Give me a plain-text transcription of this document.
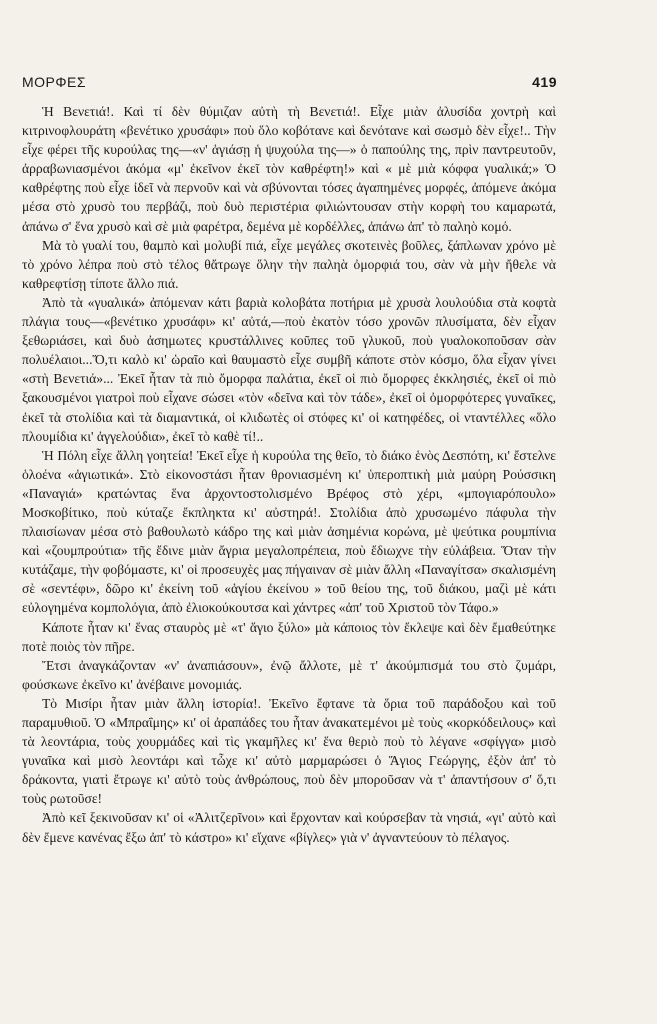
ΜΟΡΦΕΣ	419

Ἡ Βενετιά!. Καὶ τί δὲν θύμιζαν αὐτὴ τὴ Βενετιά!. Εἶχε μιὰν ἀλυσίδα χοντρὴ καὶ κιτρινοφλουράτη «βενέτικο χρυσάφι» ποὺ ὅλο κοβότανε καὶ δενότανε καὶ σωσμὸ δὲν εἶχε!.. Τὴν εἶχε φέρει τῆς κυρούλας της—«ν' ἁγιάσῃ ἡ ψυχούλα της—» ὁ παπούλης της, πρὶν παντρευτοῦν, ἀρραβωνιασμένοι ἀκόμα «μ' ἐκεῖνον ἐκεῖ τὸν καθρέφτη!» καὶ « μὲ μιὰ κόφφα γυαλικά;» Ὁ καθρέφτης ποὺ εἶχε ἰδεῖ νὰ περνοῦν καὶ νὰ σβύνονται τόσες ἀγαπημένες μορφές, ἀπόμενε ἀκόμα μέσα στὸ χρυσὸ του περβάζι, ποὺ δυὸ περιστέρια φιλιώντουσαν στὴν κορφὴ του καμαρωτά, ἀπάνω σ' ἕνα χρυσὸ καὶ σὲ μιὰ φαρέτρα, δεμένα μὲ κορδέλλες, ἀπάνω ἀπ' τὸ παληὸ κομό.

Μὰ τὸ γυαλί του, θαμπὸ καὶ μολυβί πιά, εἶχε μεγάλες σκοτεινὲς βοῦλες, ξάπλωναν χρόνο μὲ τὸ χρόνο λέπρα ποὺ στὸ τέλος θἄτρωγε ὅλην τὴν παληὰ ὀμορφιά του, σὰν νὰ μὴν ἤθελε νὰ καθρεφτίσῃ τίποτε ἄλλο πιά.

Ἀπὸ τὰ «γυαλικά» ἀπόμεναν κάτι βαριὰ κολοβάτα ποτήρια μὲ χρυσὰ λουλούδια στὰ κοφτὰ πλάγια τους—«βενέτικο χρυσάφι» κι' αὐτά,—ποὺ ἑκατὸν τόσο χρονῶν πλυσίματα, δὲν εἶχαν ξεθωριάσει, καὶ δυὸ ἀσημωτες κρυστάλλινες κοῦπες τοῦ γλυκοῦ, ποὺ γυαλοκοποῦσαν σὰν πολυέλαιοι...Ὅ,τι καλὸ κι' ὡραῖο καὶ θαυμαστὸ εἶχε συμβῆ κάποτε στὸν κόσμο, ὅλα εἶχαν γίνει «στὴ Βενετιά»... Ἐκεῖ ἦταν τὰ πιὸ ὄμορφα παλάτια, ἐκεῖ οἱ πιὸ ὄμορφες ἐκκλησιές, ἐκεῖ οἱ πιὸ ξακουσμένοι γιατροὶ ποὺ εἶχανε σώσει «τὸν «δεῖνα καὶ τὸν τάδε», ἐκεῖ οἱ ὀμορφότερες γυναῖκες, ἐκεῖ τὰ στολίδια καὶ τὰ διαμαντικά, οἱ κλιδωτὲς οἱ στόφες κι' οἱ κατηφέδες, οἱ νταντέλλες «ὅλο πλουμίδια κι' ἀγγελούδια», ἐκεῖ τὸ καθὲ τί!..

Ἡ Πόλη εἶχε ἄλλη γοητεία! Ἐκεῖ εἶχε ἡ κυρούλα της θεῖο, τὸ διάκο ἑνὸς Δεσπότη, κι' ἔστελνε ὁλοένα «ἁγιωτικά». Στὸ εἰκονοστάσι ἦταν θρονιασμένη κι' ὑπεροπτικὴ μιὰ μαύρη Ρούσσικη «Παναγιά» κρατώντας ἕνα ἀρχοντοστολισμένο Βρέφος στὸ χέρι, «μπογιαρόπουλο» Μοσκοβίτικο, ποὺ κύταζε ἔκπληκτα κι' αὐστηρά!. Στολίδια ἀπὸ χρυσωμένο πάφυλα τὴν πλαισίωναν μέσα στὸ βαθουλωτὸ κάδρο της καὶ μιὰν ἀσημένια κορώνα, μὲ ψεύτικα ρουμπίνια καὶ «ζουμπρούτια» τῆς ἔδινε μιὰν ἄγρια μεγαλοπρέπεια, ποὺ ἔδιωχνε τὴν εὐλάβεια. Ὅταν τὴν κυτάζαμε, τὴν φοβόμαστε, κι' οἱ προσευχὲς μας πήγαιναν σὲ μιὰν ἄλλη «Παναγίτσα» σκαλισμένη σὲ «σεντέφι», δῶρο κι' ἐκείνη τοῦ «ἁγίου ἐκείνου » τοῦ θείου της, τοῦ διάκου, μαζὶ μὲ κάτι εὐλογημένα κομπολόγια, ἀπὸ ἐλιοκούκουτσα καὶ χάντρες «ἀπ' τοῦ Χριστοῦ τὸν Τάφο.»

Κάποτε ἦταν κι' ἕνας σταυρὸς μὲ «τ' ἅγιο ξύλο» μὰ κάποιος τὸν ἔκλεψε καὶ δὲν ἔμαθεύτηκε ποτὲ ποιὸς τὸν πῆρε.

Ἔτσι ἀναγκάζονταν «ν' ἀναπιάσουν», ἐνῷ ἄλλοτε, μὲ τ' ἀκούμπισμά του στὸ ζυμάρι, φούσκωνε ἐκεῖνο κι' ἀνέβαινε μονομιάς.

Τὸ Μισίρι ἦταν μιὰν ἄλλη ἱστορία!. Ἐκεῖνο ἔφτανε τὰ ὅρια τοῦ παράδοξου καὶ τοῦ παραμυθιοῦ. Ὁ «Μπραΐμης» κι' οἱ ἀραπάδες του ἦταν ἀνακατεμένοι μὲ τοὺς «κορκόδειλους» καὶ τὰ λεοντάρια, τοὺς χουρμάδες καὶ τὶς γκαμῆλες κι' ἕνα θεριὸ ποὺ τὸ λέγανε «σφίγγα» μισὸ γυναῖκα καὶ μισὸ λεοντάρι καὶ τὦχε κι' αὐτὸ μαρμαρώσει ὁ Ἅγιος Γεώργης, ἐξὸν ἀπ' τὸ δράκοντα, γιατὶ ἔτρωγε κι' αὐτὸ τοὺς ἀνθρώπους, ποὺ δὲν μποροῦσαν νὰ τ' ἀπαντήσουν σ' ὅ,τι τοὺς ρωτοῦσε!

Ἀπὸ κεῖ ξεκινοῦσαν κι' οἱ «Ἀλιτζερῖνοι» καὶ ἔρχονταν καὶ κούρσεβαν τὰ νησιά, «γι' αὐτὸ καὶ δὲν ἔμενε κανένας ἔξω ἀπ' τὸ κάστρο» κι' εἴχανε «βίγλες» γιὰ ν' ἀγναντεύουν τὸ πέλαγος.
